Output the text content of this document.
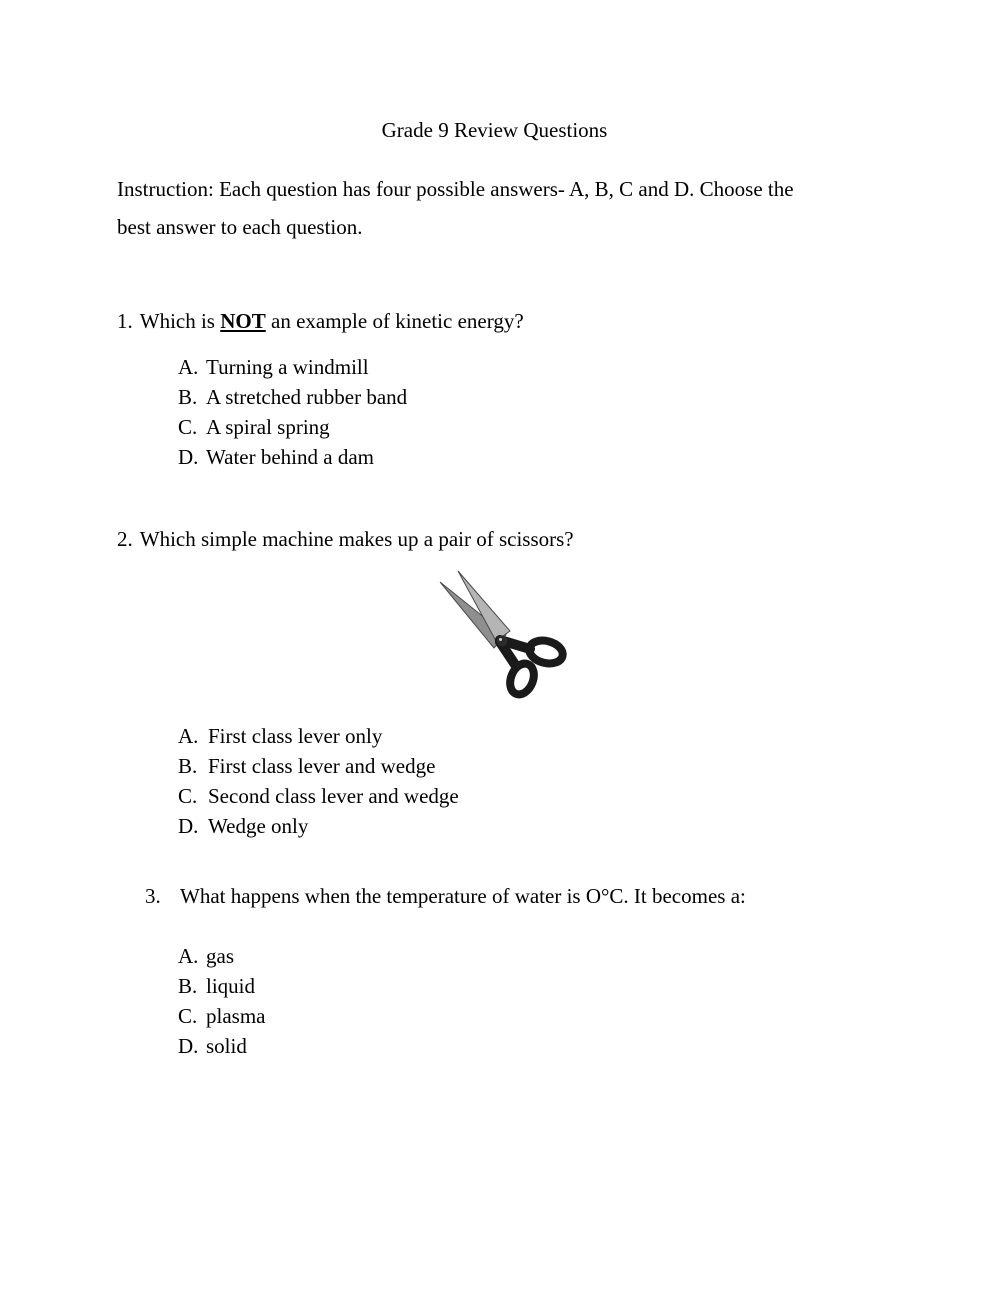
Grade 9 Review Questions
Instruction: Each question has four possible answers- A, B, C and D. Choose the
best answer to each question.
1. Which is NOT an example of kinetic energy?
A. Turning a windmill
B. A stretched rubber band
C. A spiral spring
D. Water behind a dam
2. Which simple machine makes up a pair of scissors?
A. First class lever only
B. First class lever and wedge
C. Second class lever and wedge
D. Wedge only
3. What happens when the temperature of water is O°C. It becomes a:
A. gas
B. liquid
C. plasma
D. solid
